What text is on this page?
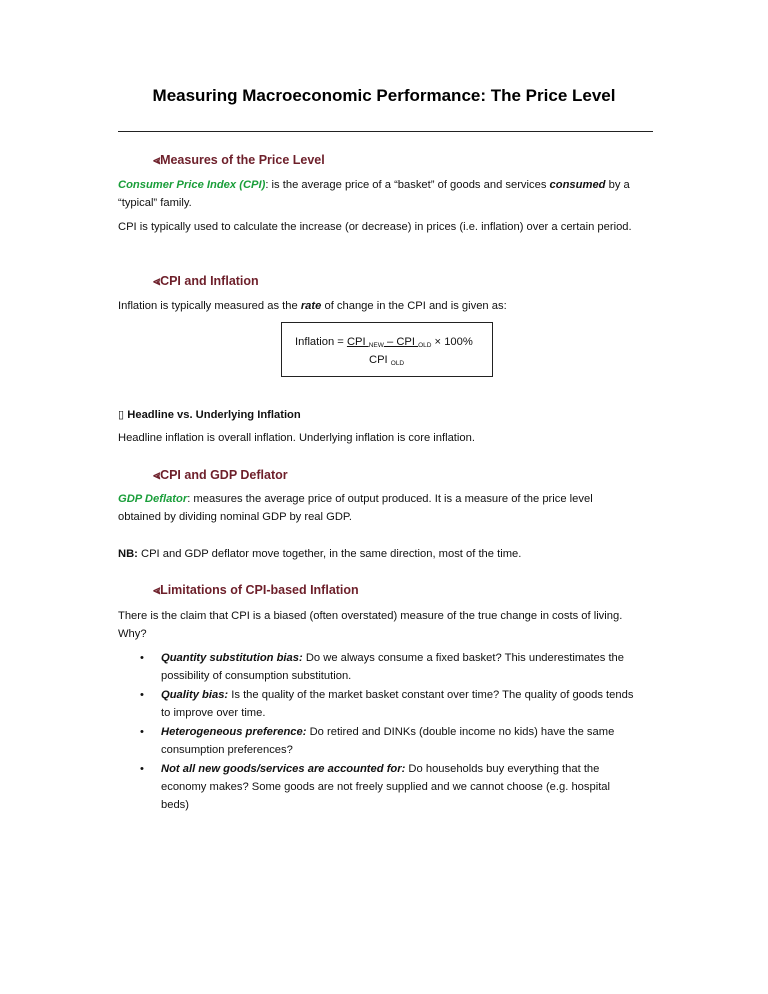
Measuring Macroeconomic Performance: The Price Level
⪡Measures of the Price Level
Consumer Price Index (CPI): is the average price of a “basket” of goods and services consumed by a “typical” family.
CPI is typically used to calculate the increase (or decrease) in prices (i.e. inflation) over a certain period.
⪡CPI and Inflation
Inflation is typically measured as the rate of change in the CPI and is given as:
Inflation = CPI $_{NEW}$ – CPI $_{OLD}$ × 100%
CPI $_{OLD}$
▯ Headline vs. Underlying Inflation
Headline inflation is overall inflation. Underlying inflation is core inflation.
⪡CPI and GDP Deflator
GDP Deflator: measures the average price of output produced. It is a measure of the price level obtained by dividing nominal GDP by real GDP.
NB: CPI and GDP deflator move together, in the same direction, most of the time.
⪡Limitations of CPI-based Inflation
There is the claim that CPI is a biased (often overstated) measure of the true change in costs of living. Why?
• Quantity substitution bias: Do we always consume a fixed basket? This underestimates the possibility of consumption substitution.
• Quality bias: Is the quality of the market basket constant over time? The quality of goods tends to improve over time.
• Heterogeneous preference: Do retired and DINKs (double income no kids) have the same consumption preferences?
• Not all new goods/services are accounted for: Do households buy everything that the economy makes? Some goods are not freely supplied and we cannot choose (e.g. hospital beds)
